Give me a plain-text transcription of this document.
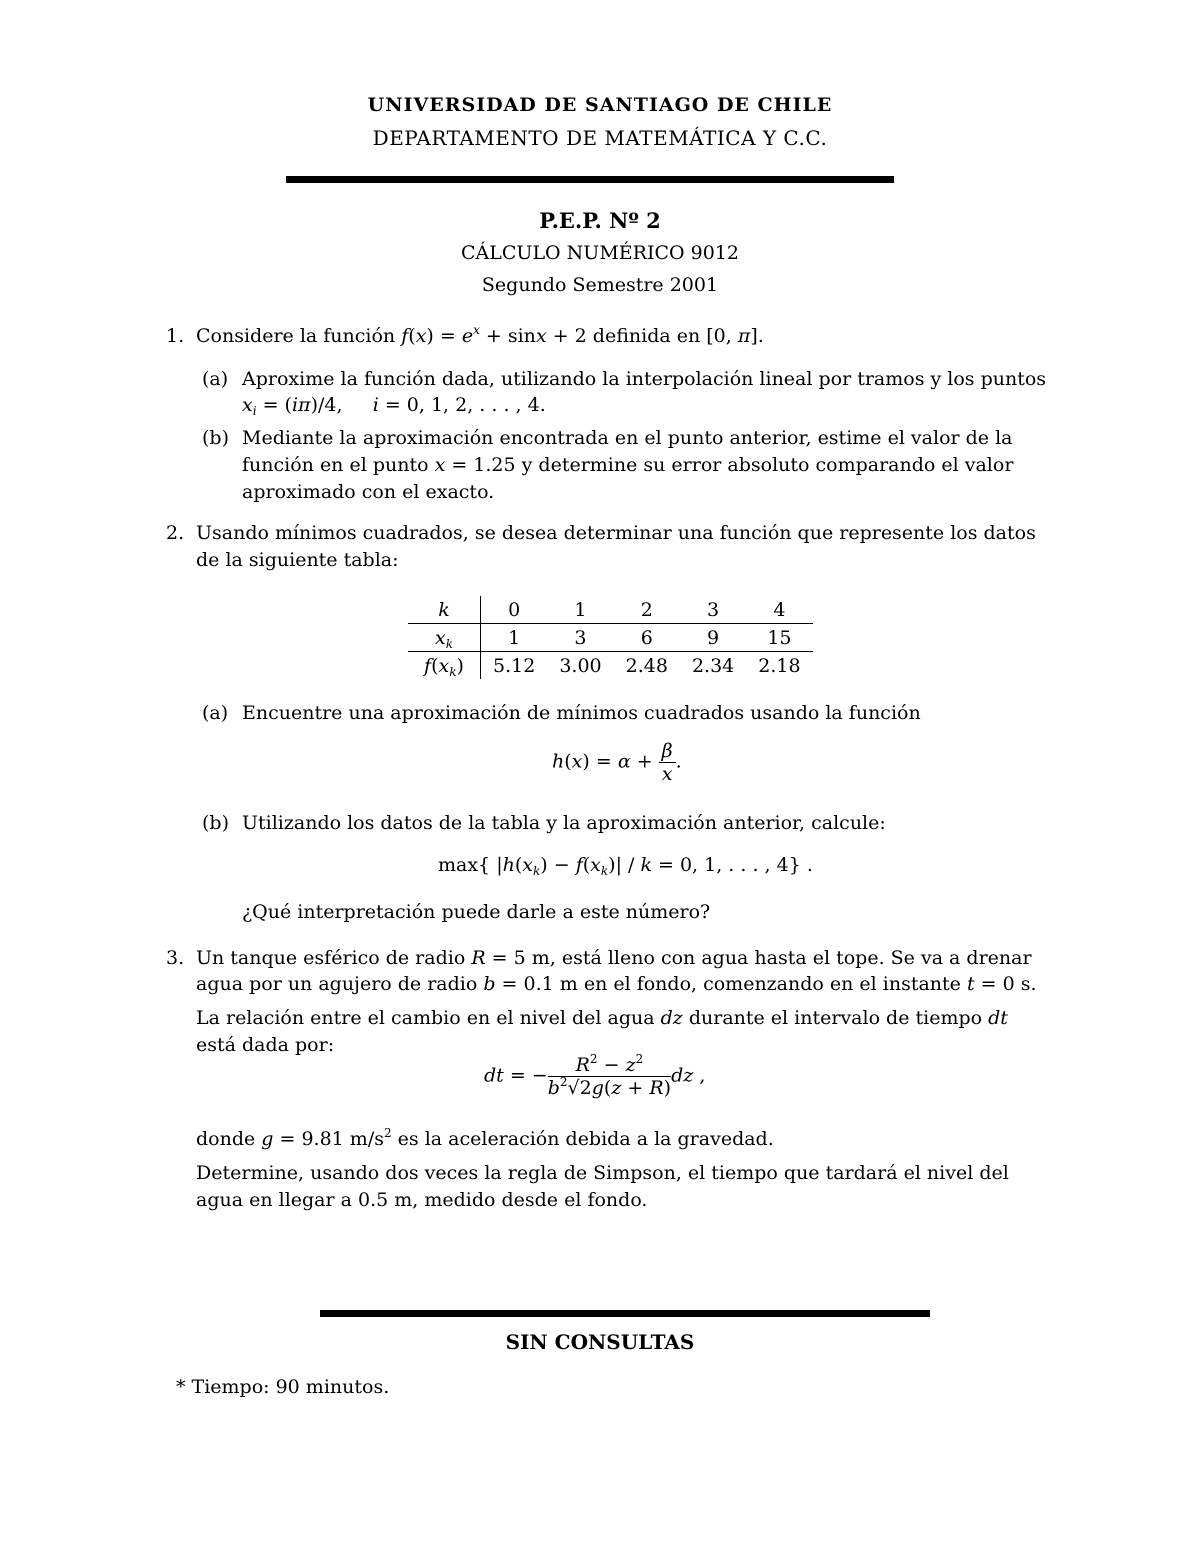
UNIVERSIDAD DE SANTIAGO DE CHILE
DEPARTAMENTO DE MATEMÁTICA Y C.C.
P.E.P. Nº 2
CÁLCULO NUMÉRICO 9012
Segundo Semestre 2001
1. Considere la función $f(x) = e^x + \sin x + 2$ definida en [0, π].
(a) Aproxime la función dada, utilizando la interpolación lineal por tramos y los puntos
$x_i = (i\pi)/4$,     i = 0, 1, 2, . . . , 4.
(b) Mediante la aproximación encontrada en el punto anterior, estime el valor de la
función en el punto x = 1.25 y determine su error absoluto comparando el valor
aproximado con el exacto.
2. Usando mínimos cuadrados, se desea determinar una función que represente los datos
de la siguiente tabla:
k	0	1	2	3	4
$x_k$	1	3	6	9	15
$f(x_k)$	5.12	3.00	2.48	2.34	2.18
(a) Encuentre una aproximación de mínimos cuadrados usando la función
$h(x) = \alpha + \frac{\beta}{x}$ .
(b) Utilizando los datos de la tabla y la aproximación anterior, calcule:
max{ $|h(x_k) - f(x_k)| / k = 0$, 1, . . . , 4} .
¿Qué interpretación puede darle a este número?
3. Un tanque esférico de radio R = 5 m, está lleno con agua hasta el tope. Se va a drenar
agua por un agujero de radio b = 0.1 m en el fondo, comenzando en el instante t = 0 s.
La relación entre el cambio en el nivel del agua dz durante el intervalo de tiempo dt
está dada por:
dt = − $\frac{R^2 - z^2}{b^2√2g(z + R)}$ dz ,
donde g = 9.81 $m/s^2$ es la aceleración debida a la gravedad.
Determine, usando dos veces la regla de Simpson, el tiempo que tardará el nivel del
agua en llegar a 0.5 m, medido desde el fondo.
SIN CONSULTAS
* Tiempo: 90 minutos.
